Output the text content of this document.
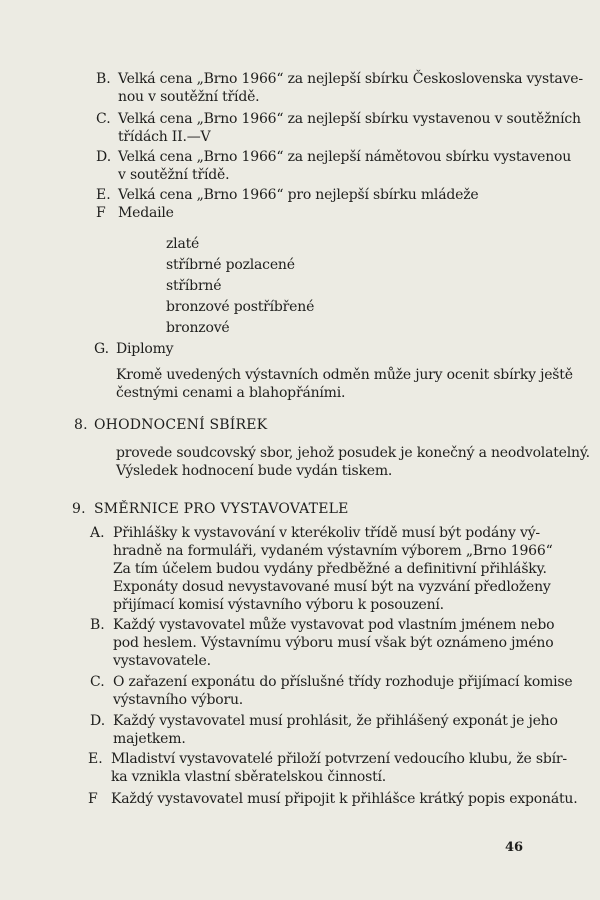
B. Velká cena „Brno 1966“ za nejlepší sbírku Československa vystave-
nou v soutěžní třídě.
C. Velká cena „Brno 1966“ za nejlepší sbírku vystavenou v soutěžních
třídách II.—V
D. Velká cena „Brno 1966“ za nejlepší námětovou sbírku vystavenou
v soutěžní třídě.
E. Velká cena „Brno 1966“ pro nejlepší sbírku mládeže
F Medaile
zlaté
stříbrné pozlacené
stříbrné
bronzové postříbřené
bronzové
G. Diplomy
Kromě uvedených výstavních odměn může jury ocenit sbírky ještě
čestnými cenami a blahopřáními.
8. OHODNOCENÍ SBÍREK
provede soudcovský sbor, jehož posudek je konečný a neodvolatelný.
Výsledek hodnocení bude vydán tiskem.
9. SMĚRNICE PRO VYSTAVOVATELE
A. Přihlášky k vystavování v kterékoliv třídě musí být podány vý-
hradně na formuláři, vydaném výstavním výborem „Brno 1966“
Za tím účelem budou vydány předběžné a definitivní přihlášky.
Exponáty dosud nevystavované musí být na vyzvání předloženy
přijímací komisí výstavního výboru k posouzení.
B. Každý vystavovatel může vystavovat pod vlastním jménem nebo
pod heslem. Výstavnímu výboru musí však být oznámeno jméno
vystavovatele.
C. O zařazení exponátu do příslušné třídy rozhoduje přijímací komise
výstavního výboru.
D. Každý vystavovatel musí prohlásit, že přihlášený exponát je jeho
majetkem.
E. Mladiství vystavovatelé přiloží potvrzení vedoucího klubu, že sbír-
ka vznikla vlastní sběratelskou činností.
F Každý vystavovatel musí připojit k přihlášce krátký popis exponátu.
46
